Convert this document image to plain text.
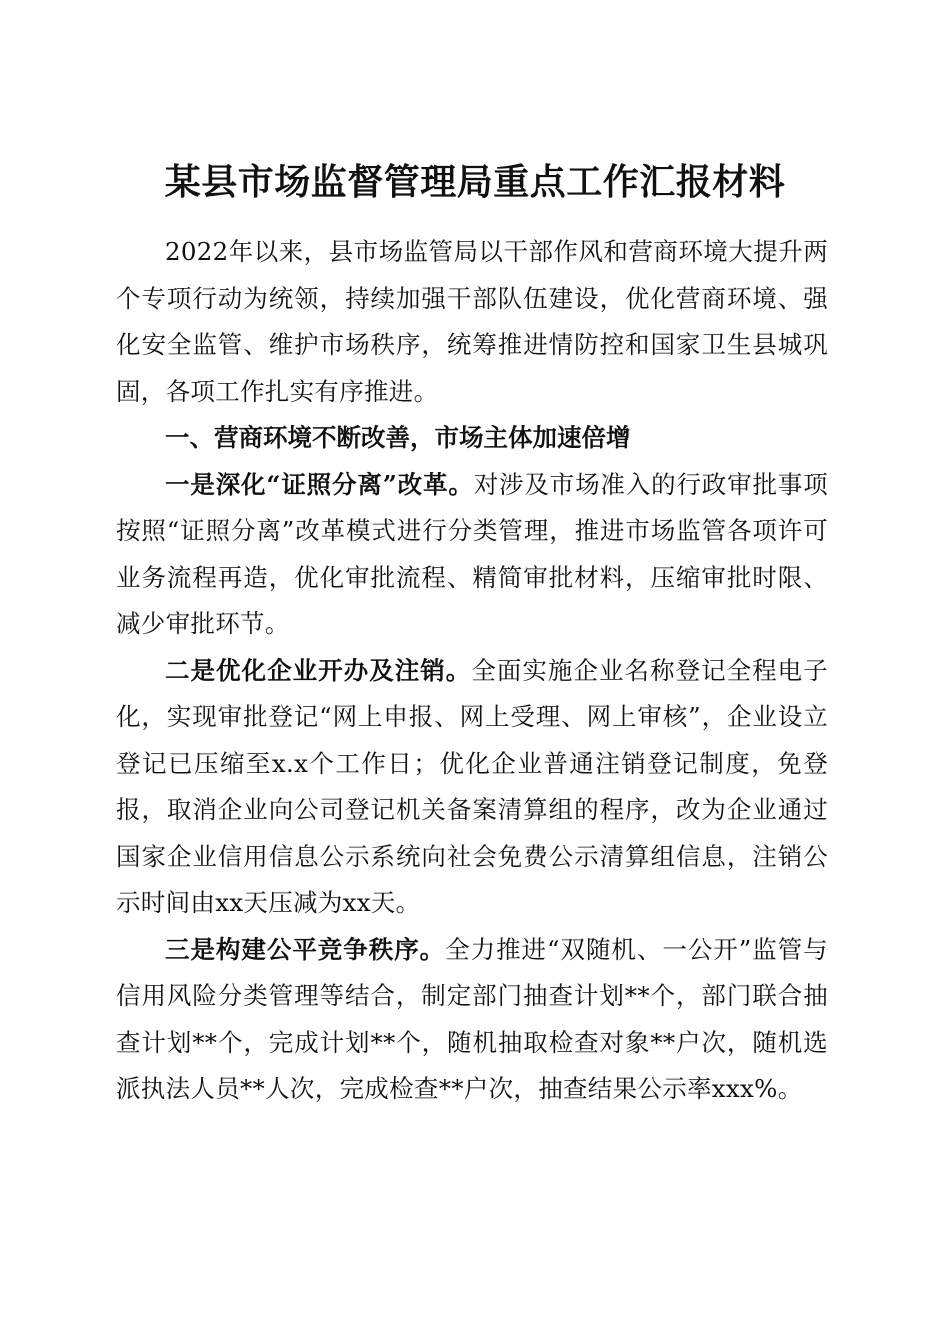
某县市场监督管理局重点工作汇报材料

2022年以来，县市场监管局以干部作风和营商环境大提升两个专项行动为统领，持续加强干部队伍建设，优化营商环境、强化安全监管、维护市场秩序，统筹推进情防控和国家卫生县城巩固，各项工作扎实有序推进。

一、营商环境不断改善，市场主体加速倍增

一是深化“证照分离”改革。对涉及市场准入的行政审批事项按照“证照分离”改革模式进行分类管理，推进市场监管各项许可业务流程再造，优化审批流程、精简审批材料，压缩审批时限、减少审批环节。

二是优化企业开办及注销。全面实施企业名称登记全程电子化，实现审批登记“网上申报、网上受理、网上审核”，企业设立登记已压缩至x.x个工作日；优化企业普通注销登记制度，免登报，取消企业向公司登记机关备案清算组的程序，改为企业通过国家企业信用信息公示系统向社会免费公示清算组信息，注销公示时间由xx天压减为xx天。

三是构建公平竞争秩序。全力推进“双随机、一公开”监管与信用风险分类管理等结合，制定部门抽查计划**个，部门联合抽查计划**个，完成计划**个，随机抽取检查对象**户次，随机选派执法人员**人次，完成检查**户次，抽查结果公示率xxx%。
